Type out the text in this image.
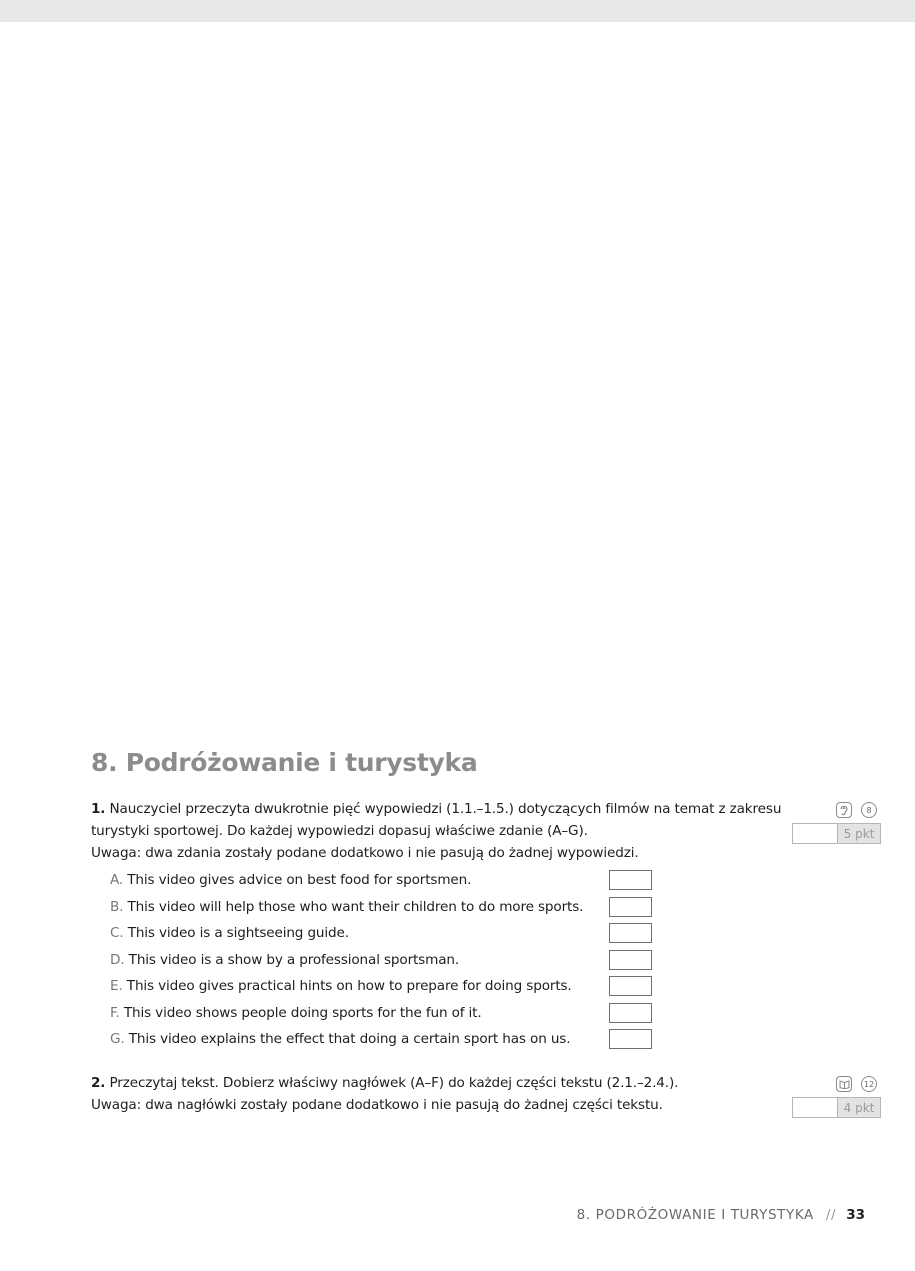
8. Podróżowanie i turystyka
1. Nauczyciel przeczyta dwukrotnie pięć wypowiedzi (1.1.–1.5.) dotyczących filmów na temat z zakresu
turystyki sportowej. Do każdej wypowiedzi dopasuj właściwe zdanie (A–G).
Uwaga: dwa zdania zostały podane dodatkowo i nie pasują do żadnej wypowiedzi.
8
5 pkt
A. This video gives advice on best food for sportsmen.
B. This video will help those who want their children to do more sports.
C. This video is a sightseeing guide.
D. This video is a show by a professional sportsman.
E. This video gives practical hints on how to prepare for doing sports.
F. This video shows people doing sports for the fun of it.
G. This video explains the effect that doing a certain sport has on us.
2. Przeczytaj tekst. Dobierz właściwy nagłówek (A–F) do każdej części tekstu (2.1.–2.4.).
Uwaga: dwa nagłówki zostały podane dodatkowo i nie pasują do żadnej części tekstu.
12
4 pkt
8. PODRÓŻOWANIE I TURYSTYKA // 33
